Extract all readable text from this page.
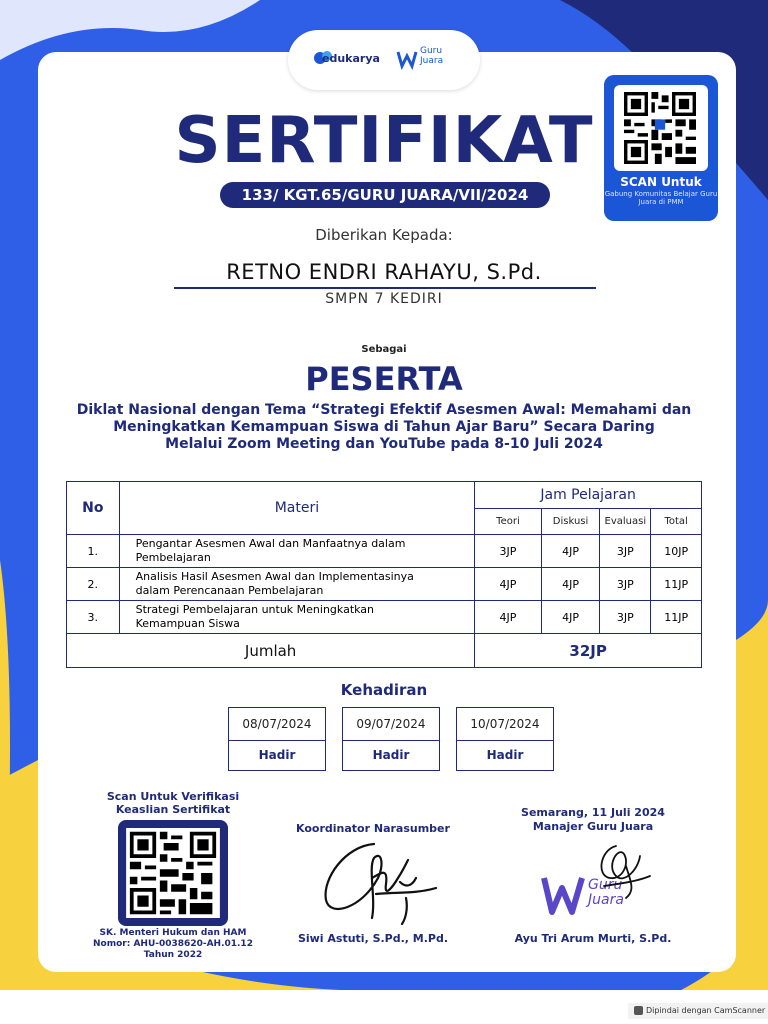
edukarya
Guru
Juara
SERTIFIKAT
133/ KGT.65/GURU JUARA/VII/2024
SCAN Untuk
Gabung Komunitas Belajar Guru Juara di PMM
Diberikan Kepada:
RETNO ENDRI RAHAYU, S.Pd.
SMPN 7 KEDIRI
Sebagai
PESERTA
Diklat Nasional dengan Tema “Strategi Efektif Asesmen Awal: Memahami dan
Meningkatkan Kemampuan Siswa di Tahun Ajar Baru” Secara Daring
Melalui Zoom Meeting dan YouTube pada 8-10 Juli 2024
No	Materi	Jam Pelajaran			
		Teori	Diskusi	Evaluasi	Total
1.	Pengantar Asesmen Awal dan Manfaatnya dalam
Pembelajaran	3JP	4JP	3JP	10JP
2.	Analisis Hasil Asesmen Awal dan Implementasinya
dalam Perencanaan Pembelajaran	4JP	4JP	3JP	11JP
3.	Strategi Pembelajaran untuk Meningkatkan
Kemampuan Siswa	4JP	4JP	3JP	11JP
Jumlah		32JP			
Kehadiran
08/07/2024
Hadir
09/07/2024
Hadir
10/07/2024
Hadir
Scan Untuk Verifikasi
Keaslian Sertifikat
SK. Menteri Hukum dan HAM
Nomor: AHU-0038620-AH.01.12
Tahun 2022
Koordinator Narasumber
Siwi Astuti, S.Pd., M.Pd.
Semarang, 11 Juli 2024
Manajer Guru Juara
Guru
Juara
Ayu Tri Arum Murti, S.Pd.
Dipindai dengan CamScanner
